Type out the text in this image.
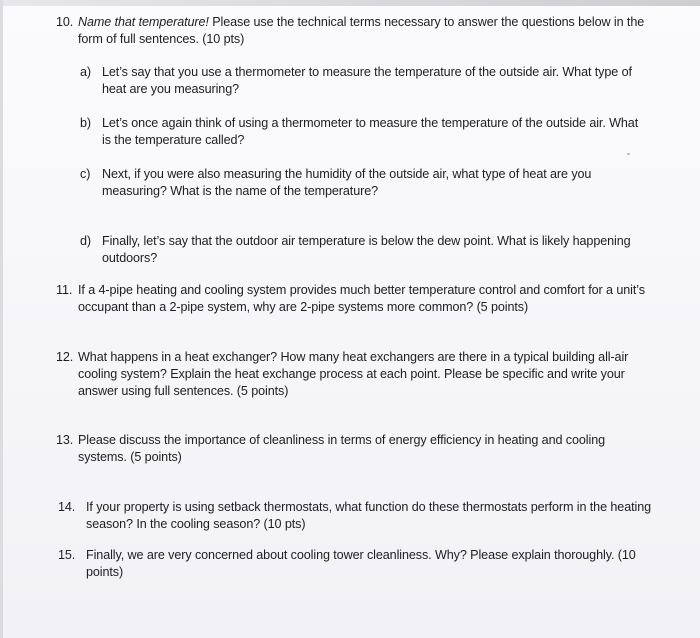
10. Name that temperature! Please use the technical terms necessary to answer the questions below in the form of full sentences. (10 pts)
a) Let’s say that you use a thermometer to measure the temperature of the outside air. What type of heat are you measuring?
b) Let’s once again think of using a thermometer to measure the temperature of the outside air. What is the temperature called?
c) Next, if you were also measuring the humidity of the outside air, what type of heat are you measuring? What is the name of the temperature?
d) Finally, let’s say that the outdoor air temperature is below the dew point. What is likely happening outdoors?
11. If a 4-pipe heating and cooling system provides much better temperature control and comfort for a unit’s occupant than a 2-pipe system, why are 2-pipe systems more common? (5 points)
12. What happens in a heat exchanger? How many heat exchangers are there in a typical building all-air cooling system? Explain the heat exchange process at each point. Please be specific and write your answer using full sentences. (5 points)
13. Please discuss the importance of cleanliness in terms of energy efficiency in heating and cooling systems. (5 points)
14. If your property is using setback thermostats, what function do these thermostats perform in the heating season? In the cooling season? (10 pts)
15. Finally, we are very concerned about cooling tower cleanliness. Why? Please explain thoroughly. (10 points)
